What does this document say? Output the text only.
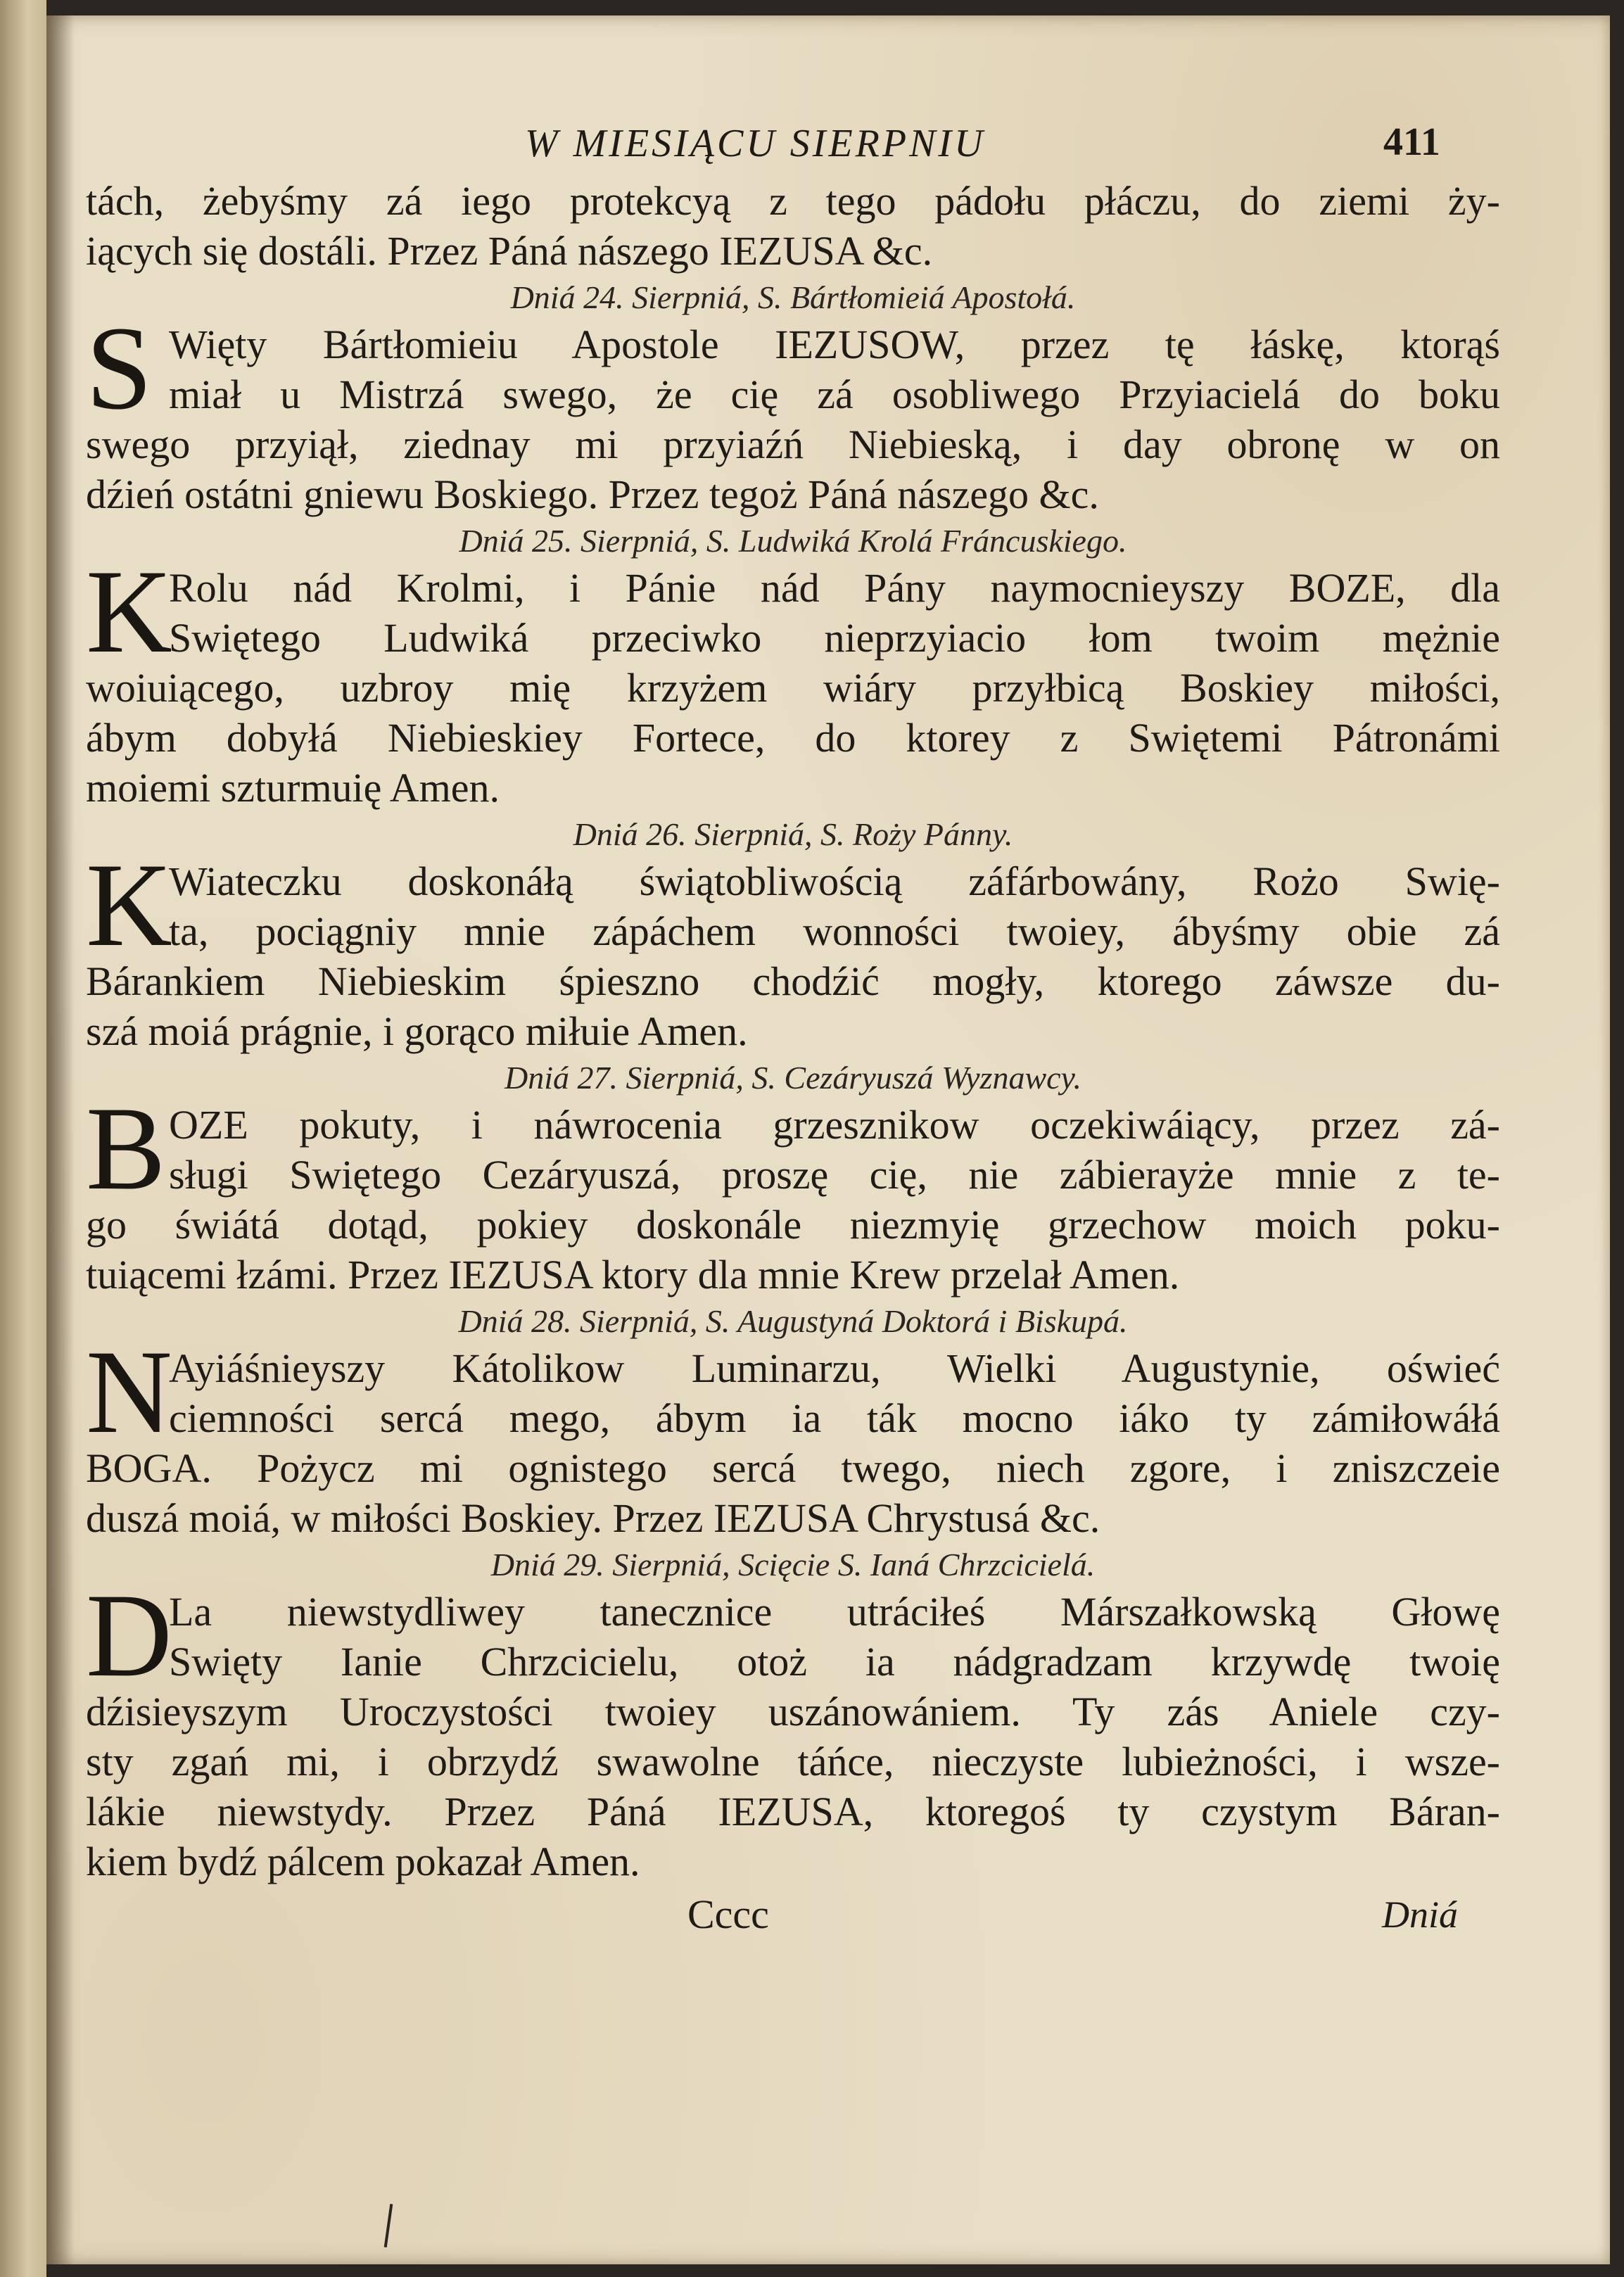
W MIESIĄCU SIERPNIU	411
tách, żebyśmy zá iego protekcyą z tego pádołu płáczu, do ziemi ży-
iących się dostáli. Przez Páná nászego IEZUSA &c.
Dniá 24. Sierpniá, S. Bártłomieiá Apostołá.
S Więty Bártłomieiu Apostole IEZUSOW, przez tę łáskę, ktorąś
miał u Mistrzá swego, że cię zá osobliwego Przyiacielá do boku
swego przyiął, ziednay mi przyiaźń Niebieską, i day obronę w on
dźień ostátni gniewu Boskiego. Przez tegoż Páná nászego &c.
Dniá 25. Sierpniá, S. Ludwiká Krolá Fráncuskiego.
K
Rolu nád Krolmi, i Pánie nád Pány naymocnieyszy BOZE, dla
Swiętego Ludwiká przeciwko nieprzyiacio łom twoim mężnie
woiuiącego, uzbroy mię krzyżem wiáry przyłbicą Boskiey miłości,
ábym dobyłá Niebieskiey Fortece, do ktorey z Swiętemi Pátronámi
moiemi szturmuię Amen.
Dniá 26. Sierpniá, S. Roży Pánny.
K
Wiateczku doskonáłą świątobliwością záfárbowány, Rożo Swię-
ta, pociągniy mnie zápáchem wonności twoiey, ábyśmy obie zá
Bárankiem Niebieskim śpiesznо chodźić mogły, ktorego záwsze du-
szá moiá prágnie, i gorąco miłuie Amen.
Dniá 27. Sierpniá, S. Cezáryuszá Wyznawcy.
B OZE pokuty, i náwrocenia grzesznikow oczekiwáiący, przez zá-
sługi Swiętego Cezáryuszá, proszę cię, nie zábierayże mnie z te-
go świátá dotąd, pokiey doskonále niezmyię grzechow moich poku-
tuiącemi łzámi. Przez IEZUSA ktory dla mnie Krew przelał Amen.
Dniá 28. Sierpniá, S. Augustyná Doktorá i Biskupá.
N
Ayiáśnieyszy Kátolikow Luminarzu, Wielki Augustynie, oświeć
ciemności sercá mego, ábym ia ták mocno iáko ty zámiłowáłá
BOGA. Pożycz mi ognistego sercá twego, niech zgore, i zniszczeie
duszá moiá, w miłości Boskiey. Przez IEZUSA Chrystusá &c.
Dniá 29. Sierpniá, Scięcie S. Ianá Chrzcicielá.
D
La niewstydliwey tanecznice utráciłeś Márszałkowską Głowę
Swięty Ianie Chrzcicielu, otoż ia nádgradzam krzywdę twoię
dźisieyszym Uroczystości twoiey uszánowániem. Ty zás Aniele czy-
sty zgań mi, i obrzydź swawolne táńce, nieczyste lubieżności, i wsze-
lákie niewstydy. Przez Páná IEZUSA, ktoregoś ty czystym Báran-
kiem bydź pálcem pokazał Amen.
Cccc	Dniá
